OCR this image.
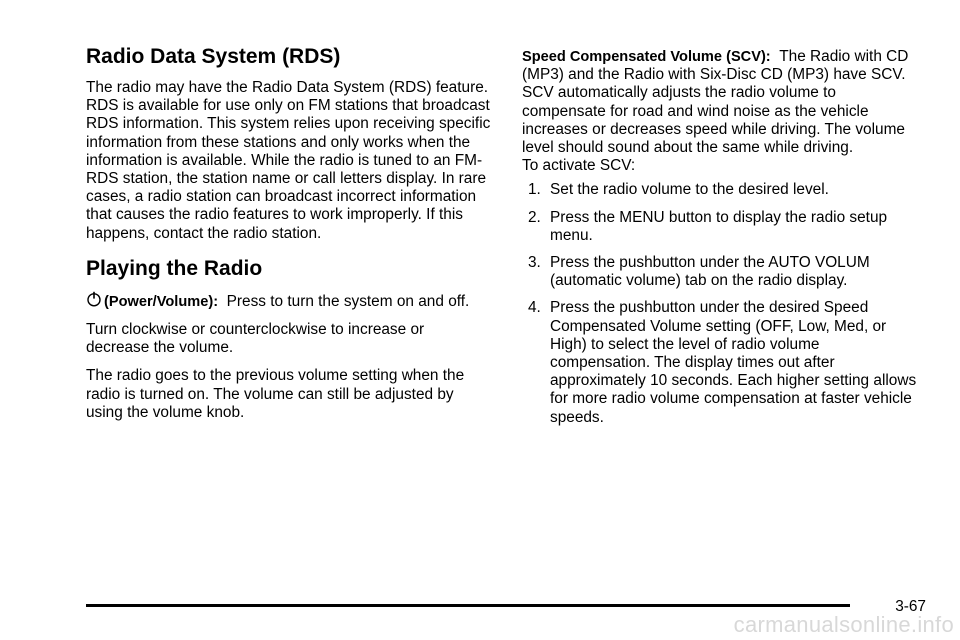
Radio Data System (RDS)

The radio may have the Radio Data System (RDS) feature. RDS is available for use only on FM stations that broadcast RDS information. This system relies upon receiving specific information from these stations and only works when the information is available. While the radio is tuned to an FM-RDS station, the station name or call letters display. In rare cases, a radio station can broadcast incorrect information that causes the radio features to work improperly. If this happens, contact the radio station.

Playing the Radio

(Power/Volume): Press to turn the system on and off.

Turn clockwise or counterclockwise to increase or decrease the volume.

The radio goes to the previous volume setting when the radio is turned on. The volume can still be adjusted by using the volume knob.

Speed Compensated Volume (SCV): The Radio with CD (MP3) and the Radio with Six-Disc CD (MP3) have SCV. SCV automatically adjusts the radio volume to compensate for road and wind noise as the vehicle increases or decreases speed while driving. The volume level should sound about the same while driving.

To activate SCV:

1. Set the radio volume to the desired level.
2. Press the MENU button to display the radio setup menu.
3. Press the pushbutton under the AUTO VOLUM (automatic volume) tab on the radio display.
4. Press the pushbutton under the desired Speed Compensated Volume setting (OFF, Low, Med, or High) to select the level of radio volume compensation. The display times out after approximately 10 seconds. Each higher setting allows for more radio volume compensation at faster vehicle speeds.
3-67
carmanualsonline.info
